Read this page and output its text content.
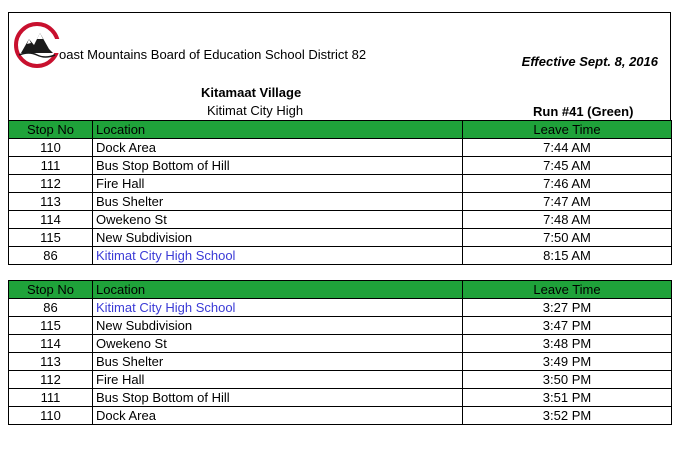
oast Mountains Board of Education School District 82	Effective Sept. 8, 2016
Kitamaat Village
Kitimat City High	Run #41 (Green)
Stop No	Location	Leave Time
110	Dock Area	7:44 AM
111	Bus Stop Bottom of Hill	7:45 AM
112	Fire Hall	7:46 AM
113	Bus Shelter	7:47 AM
114	Owekeno St	7:48 AM
115	New Subdivision	7:50 AM
86	Kitimat City High School	8:15 AM
Stop No	Location	Leave Time
86	Kitimat City High School	3:27 PM
115	New Subdivision	3:47 PM
114	Owekeno St	3:48 PM
113	Bus Shelter	3:49 PM
112	Fire Hall	3:50 PM
111	Bus Stop Bottom of Hill	3:51 PM
110	Dock Area	3:52 PM
